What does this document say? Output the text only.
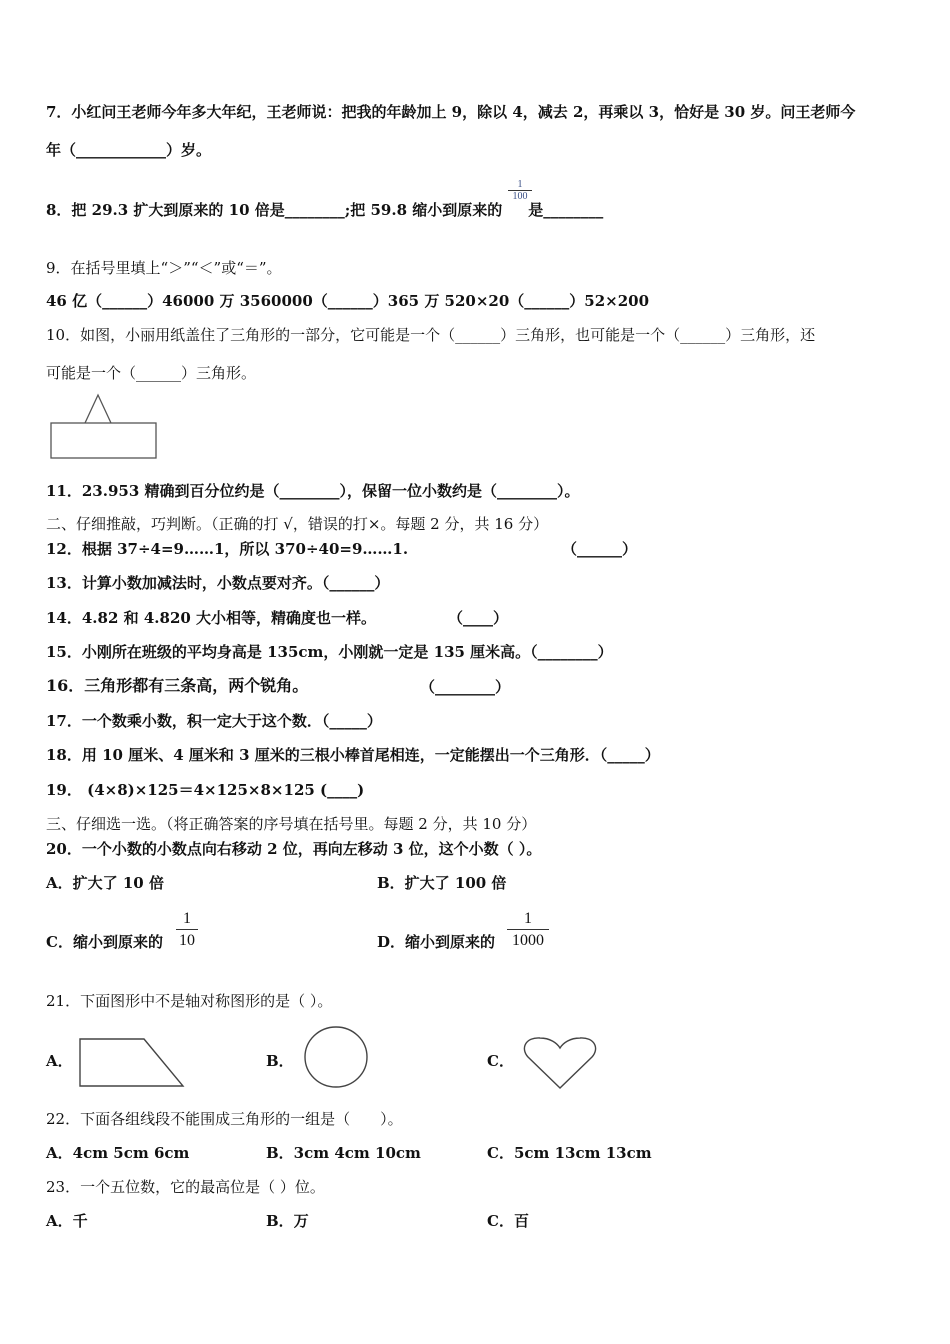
7．小红问王老师今年多大年纪，王老师说：把我的年龄加上 9，除以 4，减去 2，再乘以 3，恰好是 30 岁。问王老师今
年（____________）岁。
8．把 29.3 扩大到原来的 10 倍是________;把 59.8 缩小到原来的 是________
$\frac{1}{100}$
9．在括号里填上“＞”“＜”或“＝”。
46 亿（______）46000 万 3560000（______）365 万 520×20（______）52×200
10．如图，小丽用纸盖住了三角形的一部分，它可能是一个（______）三角形，也可能是一个（______）三角形，还
可能是一个（______）三角形。
11．23.953 精确到百分位约是（________），保留一位小数约是（________）。
二、仔细推敲，巧判断。（正确的打 √，错误的打×。每题 2 分，共 16 分）
12．根据 37÷4=9……1，所以 370÷40=9……1.	（______）
13．计算小数加减法时，小数点要对齐。（______）
14．4.82 和 4.820 大小相等，精确度也一样。	（____）
15．小刚所在班级的平均身高是 135cm，小刚就一定是 135 厘米高。（________）
16．三角形都有三条高，两个锐角。	（________）
17．一个数乘小数，积一定大于这个数．（_____）
18．用 10 厘米、4 厘米和 3 厘米的三根小棒首尾相连，一定能摆出一个三角形．（_____）
19． (4×8)×125＝4×125×8×125 (____)
三、仔细选一选。（将正确答案的序号填在括号里。每题 2 分，共 10 分）
20．一个小数的小数点向右移动 2 位，再向左移动 3 位，这个小数（ ）。
A．扩大了 10 倍	B．扩大了 100 倍
C．缩小到原来的 $\frac{1}{10}$	D．缩小到原来的 $\frac{1}{1000}$
21．下面图形中不是轴对称图形的是（ ）。
A．	B．	C．
22．下面各组线段不能围成三角形的一组是（　　）。
A．4cm 5cm 6cm	B．3cm 4cm 10cm	C．5cm 13cm 13cm
23．一个五位数，它的最高位是（ ）位。
A．千	B．万	C．百
